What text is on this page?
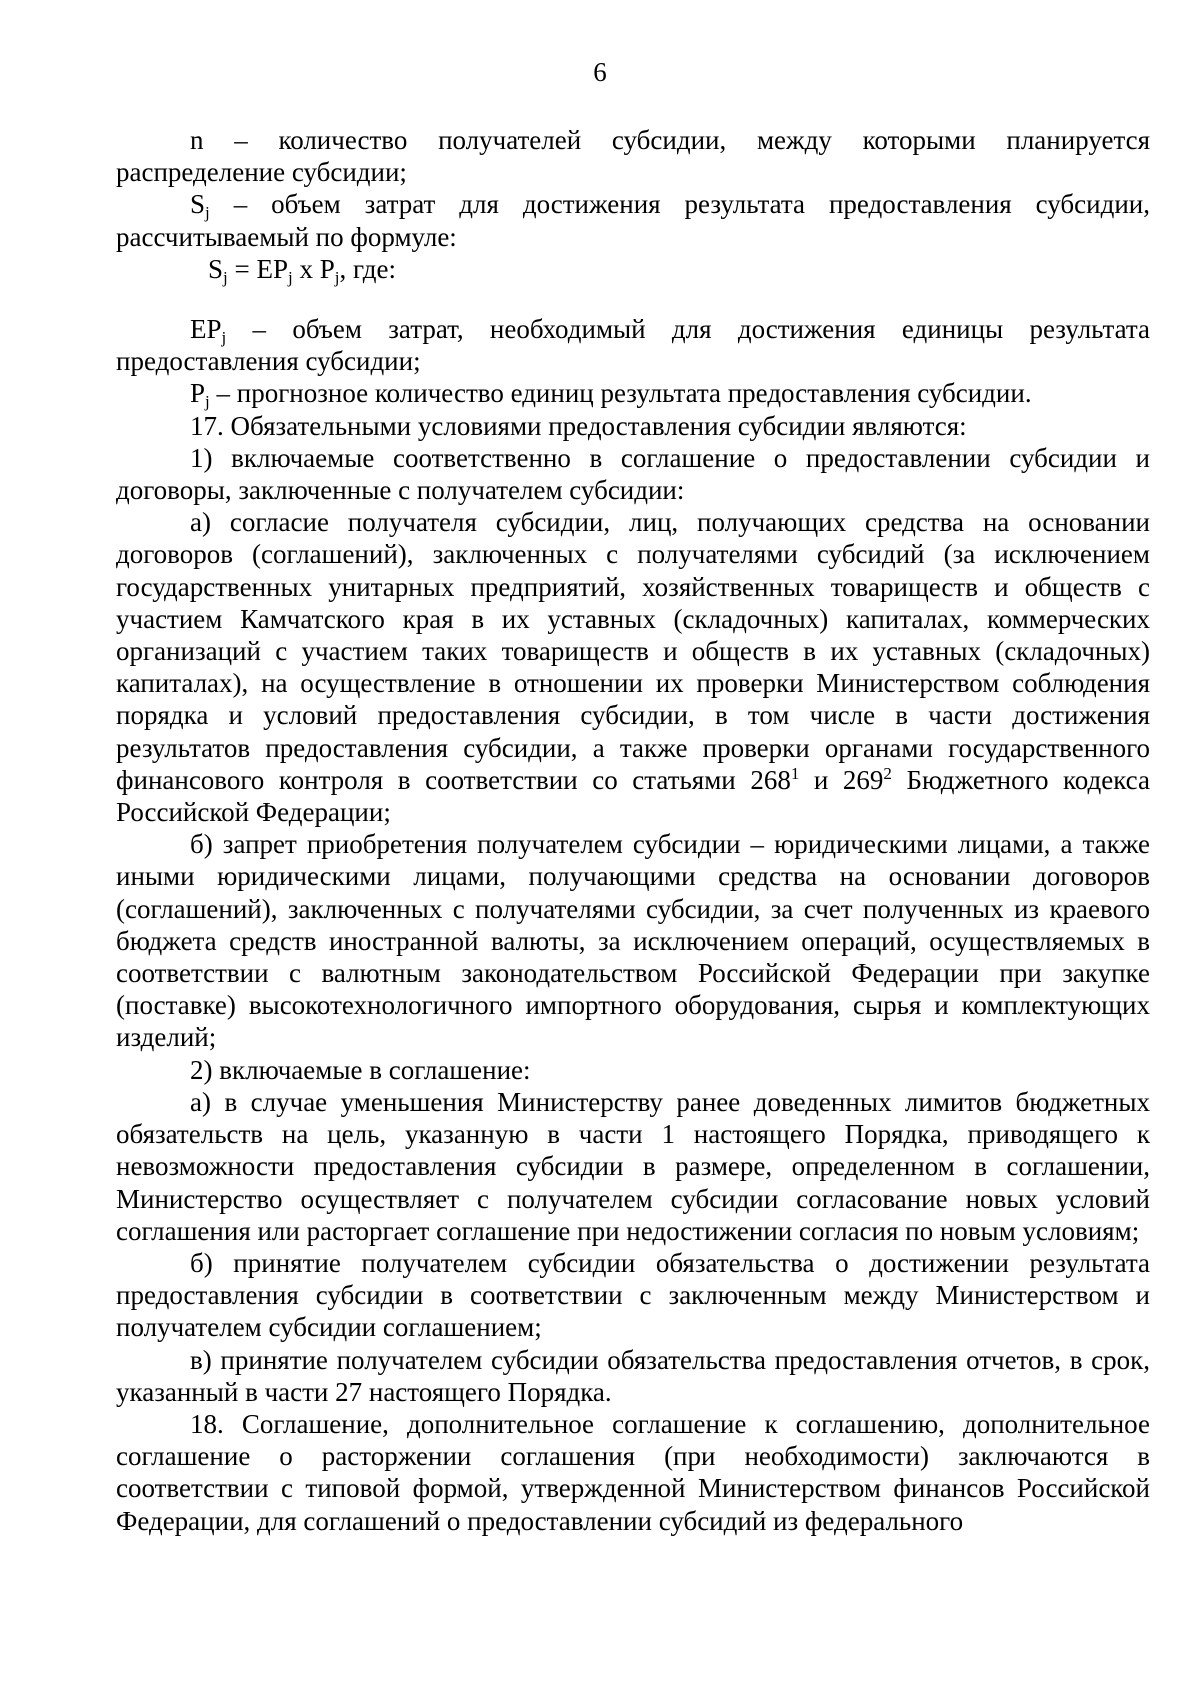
6

n – количество получателей субсидии, между которыми планируется распределение субсидии;

$S_j$ – объем затрат для достижения результата предоставления субсидии, рассчитываемый по формуле:

$S_j = EP_j$ x $P_j$, где:

$EP_j$ – объем затрат, необходимый для достижения единицы результата предоставления субсидии;

$P_j$ – прогнозное количество единиц результата предоставления субсидии.

17. Обязательными условиями предоставления субсидии являются:

1) включаемые соответственно в соглашение о предоставлении субсидии и договоры, заключенные с получателем субсидии:

а) согласие получателя субсидии, лиц, получающих средства на основании договоров (соглашений), заключенных с получателями субсидий (за исключением государственных унитарных предприятий, хозяйственных товариществ и обществ с участием Камчатского края в их уставных (складочных) капиталах, коммерческих организаций с участием таких товариществ и обществ в их уставных (складочных) капиталах), на осуществление в отношении их проверки Министерством соблюдения порядка и условий предоставления субсидии, в том числе в части достижения результатов предоставления субсидии, а также проверки органами государственного финансового контроля в соответствии со статьями $268^1$ и $269^2$ Бюджетного кодекса Российской Федерации;

б) запрет приобретения получателем субсидии – юридическими лицами, а также иными юридическими лицами, получающими средства на основании договоров (соглашений), заключенных с получателями субсидии, за счет полученных из краевого бюджета средств иностранной валюты, за исключением операций, осуществляемых в соответствии с валютным законодательством Российской Федерации при закупке (поставке) высокотехнологичного импортного оборудования, сырья и комплектующих изделий;

2) включаемые в соглашение:

а) в случае уменьшения Министерству ранее доведенных лимитов бюджетных обязательств на цель, указанную в части 1 настоящего Порядка, приводящего к невозможности предоставления субсидии в размере, определенном в соглашении, Министерство осуществляет с получателем субсидии согласование новых условий соглашения или расторгает соглашение при недостижении согласия по новым условиям;

б) принятие получателем субсидии обязательства о достижении результата предоставления субсидии в соответствии с заключенным между Министерством и получателем субсидии соглашением;

в) принятие получателем субсидии обязательства предоставления отчетов, в срок, указанный в части 27 настоящего Порядка.

18. Соглашение, дополнительное соглашение к соглашению, дополнительное соглашение о расторжении соглашения (при необходимости) заключаются в соответствии с типовой формой, утвержденной Министерством финансов Российской Федерации, для соглашений о предоставлении субсидий из федерального
